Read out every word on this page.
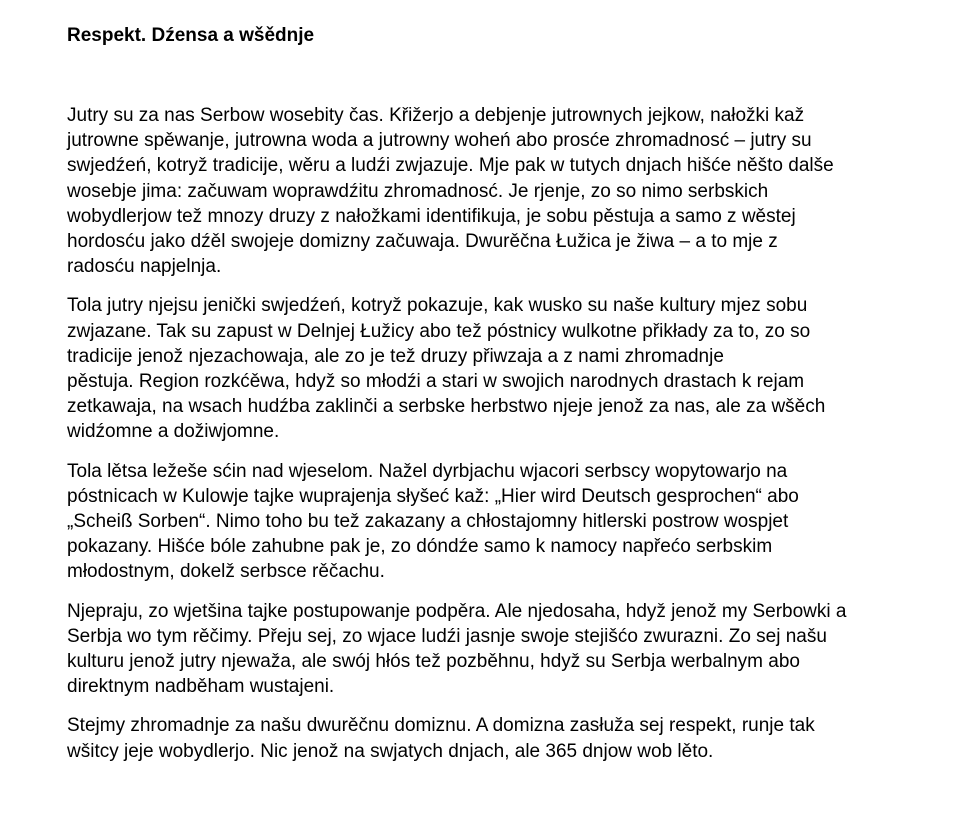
Respekt. Dźensa a wšědnje

Jutry su za nas Serbow wosebity čas. Křižerjo a debjenje jutrownych jejkow, nałožki kaž
jutrowne spěwanje, jutrowna woda a jutrowny woheń abo prosće zhromadnosć – jutry su
swjedźeń, kotryž tradicije, wěru a ludźi zwjazuje. Mje pak w tutych dnjach hišće něšto dalše
wosebje jima: začuwam woprawdźitu zhromadnosć. Je rjenje, zo so nimo serbskich
wobydlerjow tež mnozy druzy z nałožkami identifikuja, je sobu pěstuja a samo z wěstej
hordosću jako dźěl swojeje domizny začuwaja. Dwurěčna Łužica je žiwa – a to mje z
radosću napjelnja.

Tola jutry njejsu jenički swjedźeń, kotryž pokazuje, kak wusko su naše kultury mjez sobu
zwjazane. Tak su zapust w Delnjej Łužicy abo tež póstnicy wulkotne přikłady za to, zo so
tradicije jenož njezachowaja, ale zo je tež druzy přiwzaja a z nami zhromadnje
pěstuja. Region rozkćěwa, hdyž so młodźi a stari w swojich narodnych drastach k rejam
zetkawaja, na wsach hudźba zaklinči a serbske herbstwo njeje jenož za nas, ale za wšěch
widźomne a dožiwjomne.

Tola lětsa ležeše sćin nad wjeselom. Nažel dyrbjachu wjacori serbscy wopytowarjo na
póstnicach w Kulowje tajke wuprajenja słyšeć kaž: „Hier wird Deutsch gesprochen“ abo
„Scheiß Sorben“. Nimo toho bu tež zakazany a chłostajomny hitlerski postrow wospjet
pokazany. Hišće bóle zahubne pak je, zo dóndźe samo k namocy napřećo serbskim
młodostnym, dokelž serbsce rěčachu.

Njepraju, zo wjetšina tajke postupowanje podpěra. Ale njedosaha, hdyž jenož my Serbowki a
Serbja wo tym rěčimy. Přeju sej, zo wjace ludźi jasnje swoje stejišćo zwurazni. Zo sej našu
kulturu jenož jutry njewaža, ale swój hłós tež pozběhnu, hdyž su Serbja werbalnym abo
direktnym nadběham wustajeni.

Stejmy zhromadnje za našu dwurěčnu domiznu. A domizna zasłuža sej respekt, runje tak
wšitcy jeje wobydlerjo. Nic jenož na swjatych dnjach, ale 365 dnjow wob lěto.
